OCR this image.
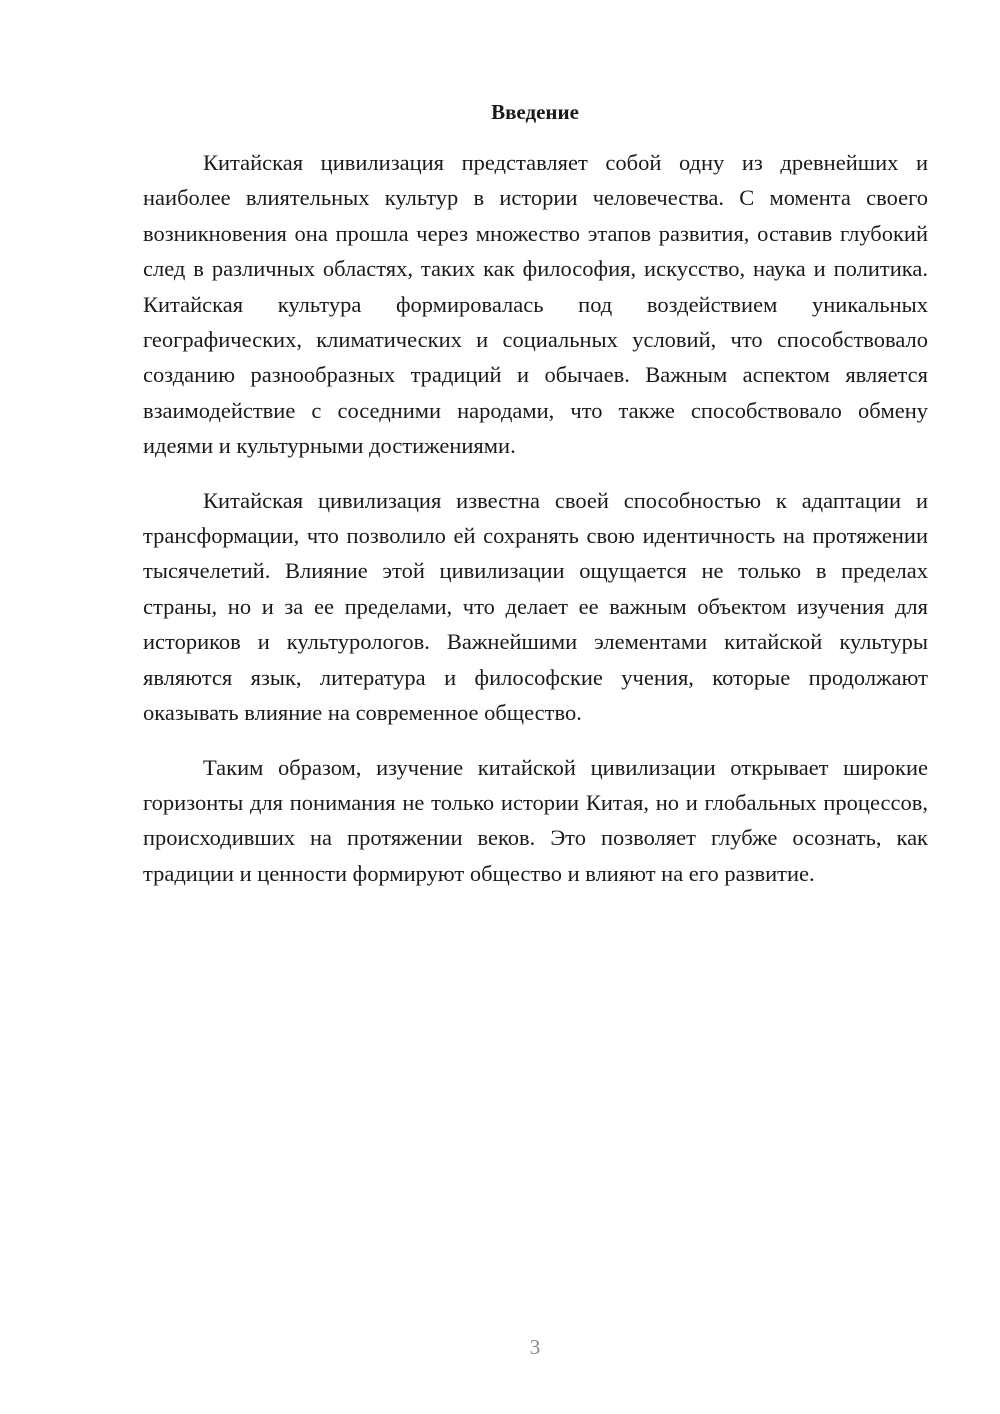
Введение

Китайская цивилизация представляет собой одну из древнейших и наиболее влиятельных культур в истории человечества. С момента своего возникновения она прошла через множество этапов развития, оставив глубокий след в различных областях, таких как философия, искусство, наука и политика. Китайская культура формировалась под воздействием уникальных географических, климатических и социальных условий, что способствовало созданию разнообразных традиций и обычаев. Важным аспектом является взаимодействие с соседними народами, что также способствовало обмену идеями и культурными достижениями.

Китайская цивилизация известна своей способностью к адаптации и трансформации, что позволило ей сохранять свою идентичность на протяжении тысячелетий. Влияние этой цивилизации ощущается не только в пределах страны, но и за ее пределами, что делает ее важным объектом изучения для историков и культурологов. Важнейшими элементами китайской культуры являются язык, литература и философские учения, которые продолжают оказывать влияние на современное общество.

Таким образом, изучение китайской цивилизации открывает широкие горизонты для понимания не только истории Китая, но и глобальных процессов, происходивших на протяжении веков. Это позволяет глубже осознать, как традиции и ценности формируют общество и влияют на его развитие.

3
